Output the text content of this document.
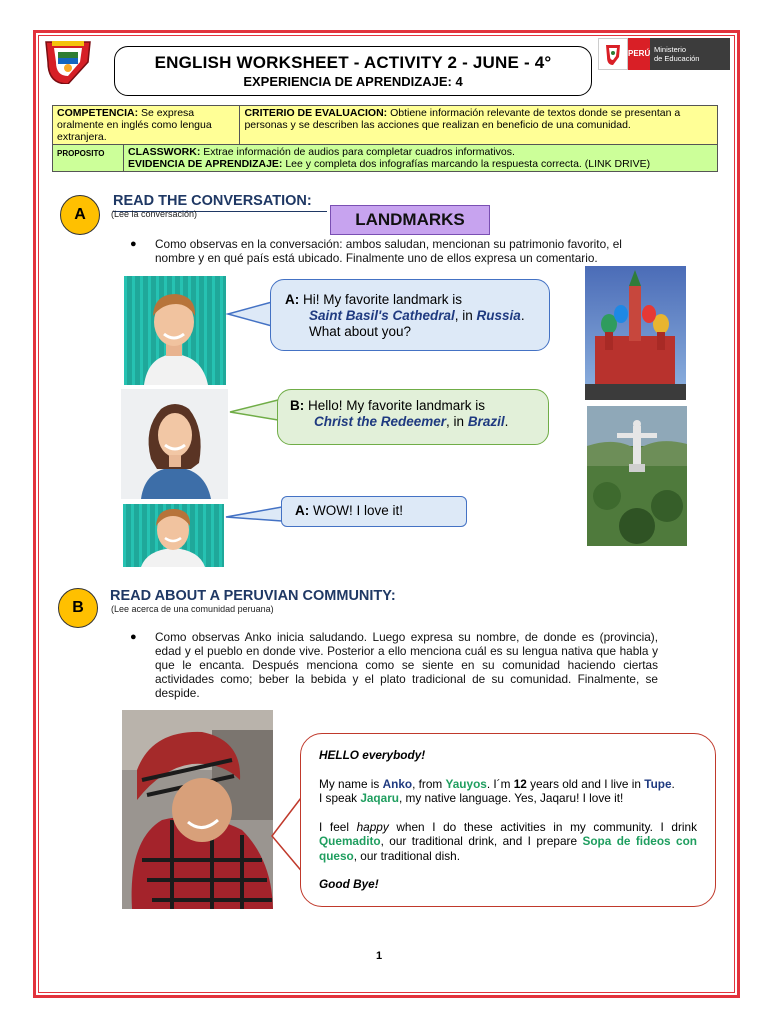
ENGLISH WORKSHEET - ACTIVITY 2 - JUNE - 4°
EXPERIENCIA DE APRENDIZAJE: 4
PERÚ Ministerio
de Educación
COMPETENCIA: Se expresa oralmente en inglés como lengua extranjera.		CRITERIO DE EVALUACION: Obtiene información relevante de textos donde se presentan a personas y se describen las acciones que realizan en beneficio de una comunidad.
PROPOSITO	CLASSWORK: Extrae información de audios para completar cuadros informativos.
EVIDENCIA DE APRENDIZAJE: Lee y completa dos infografías marcando la respuesta correcta. (LINK DRIVE)	
A
READ THE CONVERSATION:
(Lee la conversación)	LANDMARKS
● Como observas en la conversación: ambos saludan, mencionan su patrimonio favorito, el nombre y en qué país está ubicado. Finalmente uno de ellos expresa un comentario.
A: Hi! My favorite landmark is
Saint Basil's Cathedral, in Russia.
What about you?
B: Hello! My favorite landmark is
Christ the Redeemer, in Brazil.
A: WOW! I love it!
B
READ ABOUT A PERUVIAN COMMUNITY:
(Lee acerca de una comunidad peruana)
● Como observas Anko inicia saludando. Luego expresa su nombre, de donde es (provincia), edad y el pueblo en donde vive. Posterior a ello menciona cuál es su lengua nativa que habla y que le encanta. Después menciona como se siente en su comunidad haciendo ciertas actividades como; beber la bebida y el plato tradicional de su comunidad. Finalmente, se despide.
HELLO everybody!
My name is Anko, from Yauyos. I´m 12 years old and I live in Tupe.
I speak Jaqaru, my native language. Yes, Jaqaru! I love it!
I feel happy when I do these activities in my community. I drink Quemadito, our traditional drink, and I prepare Sopa de fideos con queso, our traditional dish.
Good Bye!
1
